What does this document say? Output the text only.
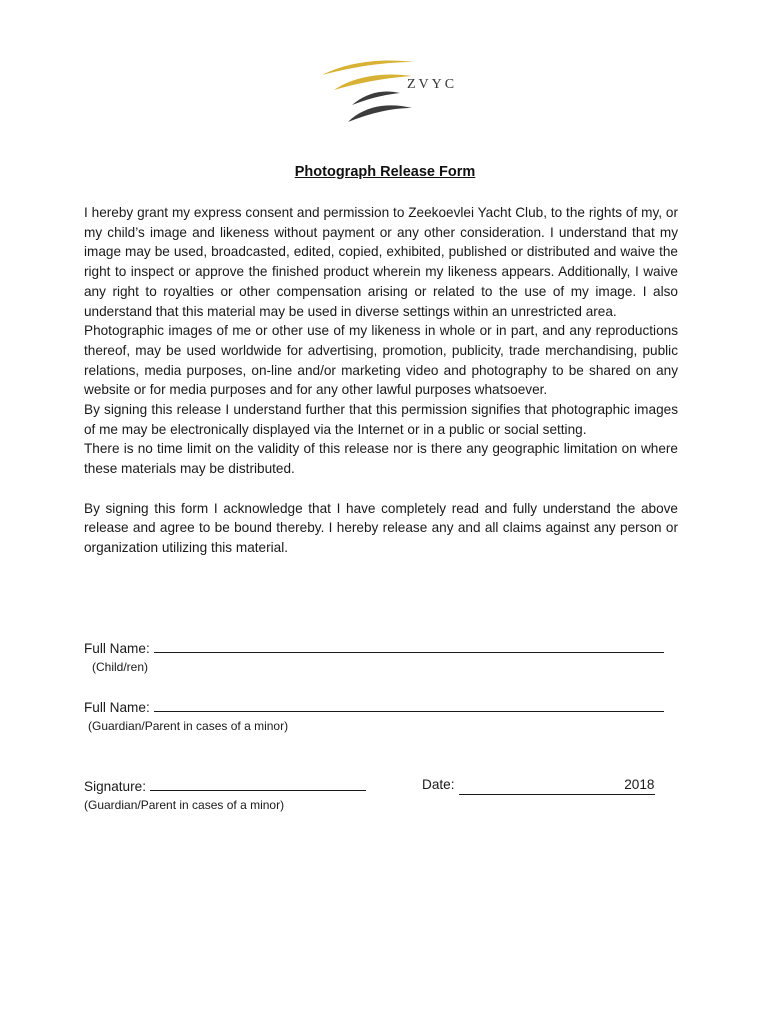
ZVYC
Photograph Release Form

I hereby grant my express consent and permission to Zeekoevlei Yacht Club, to the rights of my, or my child’s image and likeness without payment or any other consideration. I understand that my image may be used, broadcasted, edited, copied, exhibited, published or distributed and waive the right to inspect or approve the finished product wherein my likeness appears. Additionally, I waive any right to royalties or other compensation arising or related to the use of my image. I also understand that this material may be used in diverse settings within an unrestricted area.

Photographic images of me or other use of my likeness in whole or in part, and any reproductions thereof, may be used worldwide for advertising, promotion, publicity, trade merchandising, public relations, media purposes, on-line and/or marketing video and photography to be shared on any website or for media purposes and for any other lawful purposes whatsoever.

By signing this release I understand further that this permission signifies that photographic images of me may be electronically displayed via the Internet or in a public or social setting.

There is no time limit on the validity of this release nor is there any geographic limitation on where these materials may be distributed.

By signing this form I acknowledge that I have completely read and fully understand the above release and agree to be bound thereby. I hereby release any and all claims against any person or organization utilizing this material.

Full Name:
(Child/ren)
Full Name:
(Guardian/Parent in cases of a minor)
Signature:
(Guardian/Parent in cases of a minor)
Date:	2018
